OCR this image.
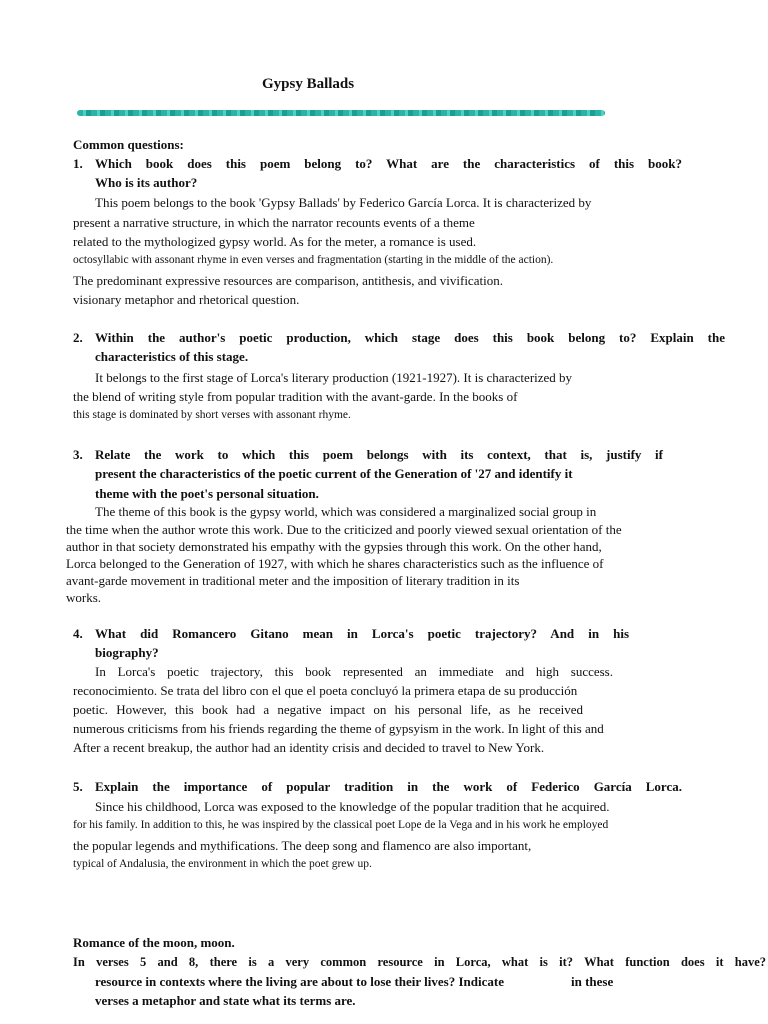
Gypsy Ballads
Common questions:
1. Which book does this poem belong to? What are the characteristics of this book?
Who is its author?
This poem belongs to the book 'Gypsy Ballads' by Federico García Lorca. It is characterized by
present a narrative structure, in which the narrator recounts events of a theme
related to the mythologized gypsy world. As for the meter, a romance is used.
octosyllabic with assonant rhyme in even verses and fragmentation (starting in the middle of the action).
The predominant expressive resources are comparison, antithesis, and vivification.
visionary metaphor and rhetorical question.
2. Within the author's poetic production, which stage does this book belong to? Explain the
characteristics of this stage.
It belongs to the first stage of Lorca's literary production (1921-1927). It is characterized by
the blend of writing style from popular tradition with the avant-garde. In the books of
this stage is dominated by short verses with assonant rhyme.
3. Relate the work to which this poem belongs with its context, that is, justify if
present the characteristics of the poetic current of the Generation of '27 and identify it
theme with the poet's personal situation.
The theme of this book is the gypsy world, which was considered a marginalized social group in
the time when the author wrote this work. Due to the criticized and poorly viewed sexual orientation of the
author in that society demonstrated his empathy with the gypsies through this work. On the other hand,
Lorca belonged to the Generation of 1927, with which he shares characteristics such as the influence of
avant-garde movement in traditional meter and the imposition of literary tradition in its
works.
4. What did Romancero Gitano mean in Lorca's poetic trajectory? And in his
biography?
In Lorca's poetic trajectory, this book represented an immediate and high success.
reconocimiento. Se trata del libro con el que el poeta concluyó la primera etapa de su producción
poetic. However, this book had a negative impact on his personal life, as he received
numerous criticisms from his friends regarding the theme of gypsyism in the work. In light of this and
After a recent breakup, the author had an identity crisis and decided to travel to New York.
5. Explain the importance of popular tradition in the work of Federico García Lorca.
Since his childhood, Lorca was exposed to the knowledge of the popular tradition that he acquired.
for his family. In addition to this, he was inspired by the classical poet Lope de la Vega and in his work he employed
the popular legends and mythifications. The deep song and flamenco are also important,
typical of Andalusia, the environment in which the poet grew up.
Romance of the moon, moon.
In verses 5 and 8, there is a very common resource in Lorca, what is it? What function does it have?
resource in contexts where the living are about to lose their lives? Indicate	in these
verses a metaphor and state what its terms are.
